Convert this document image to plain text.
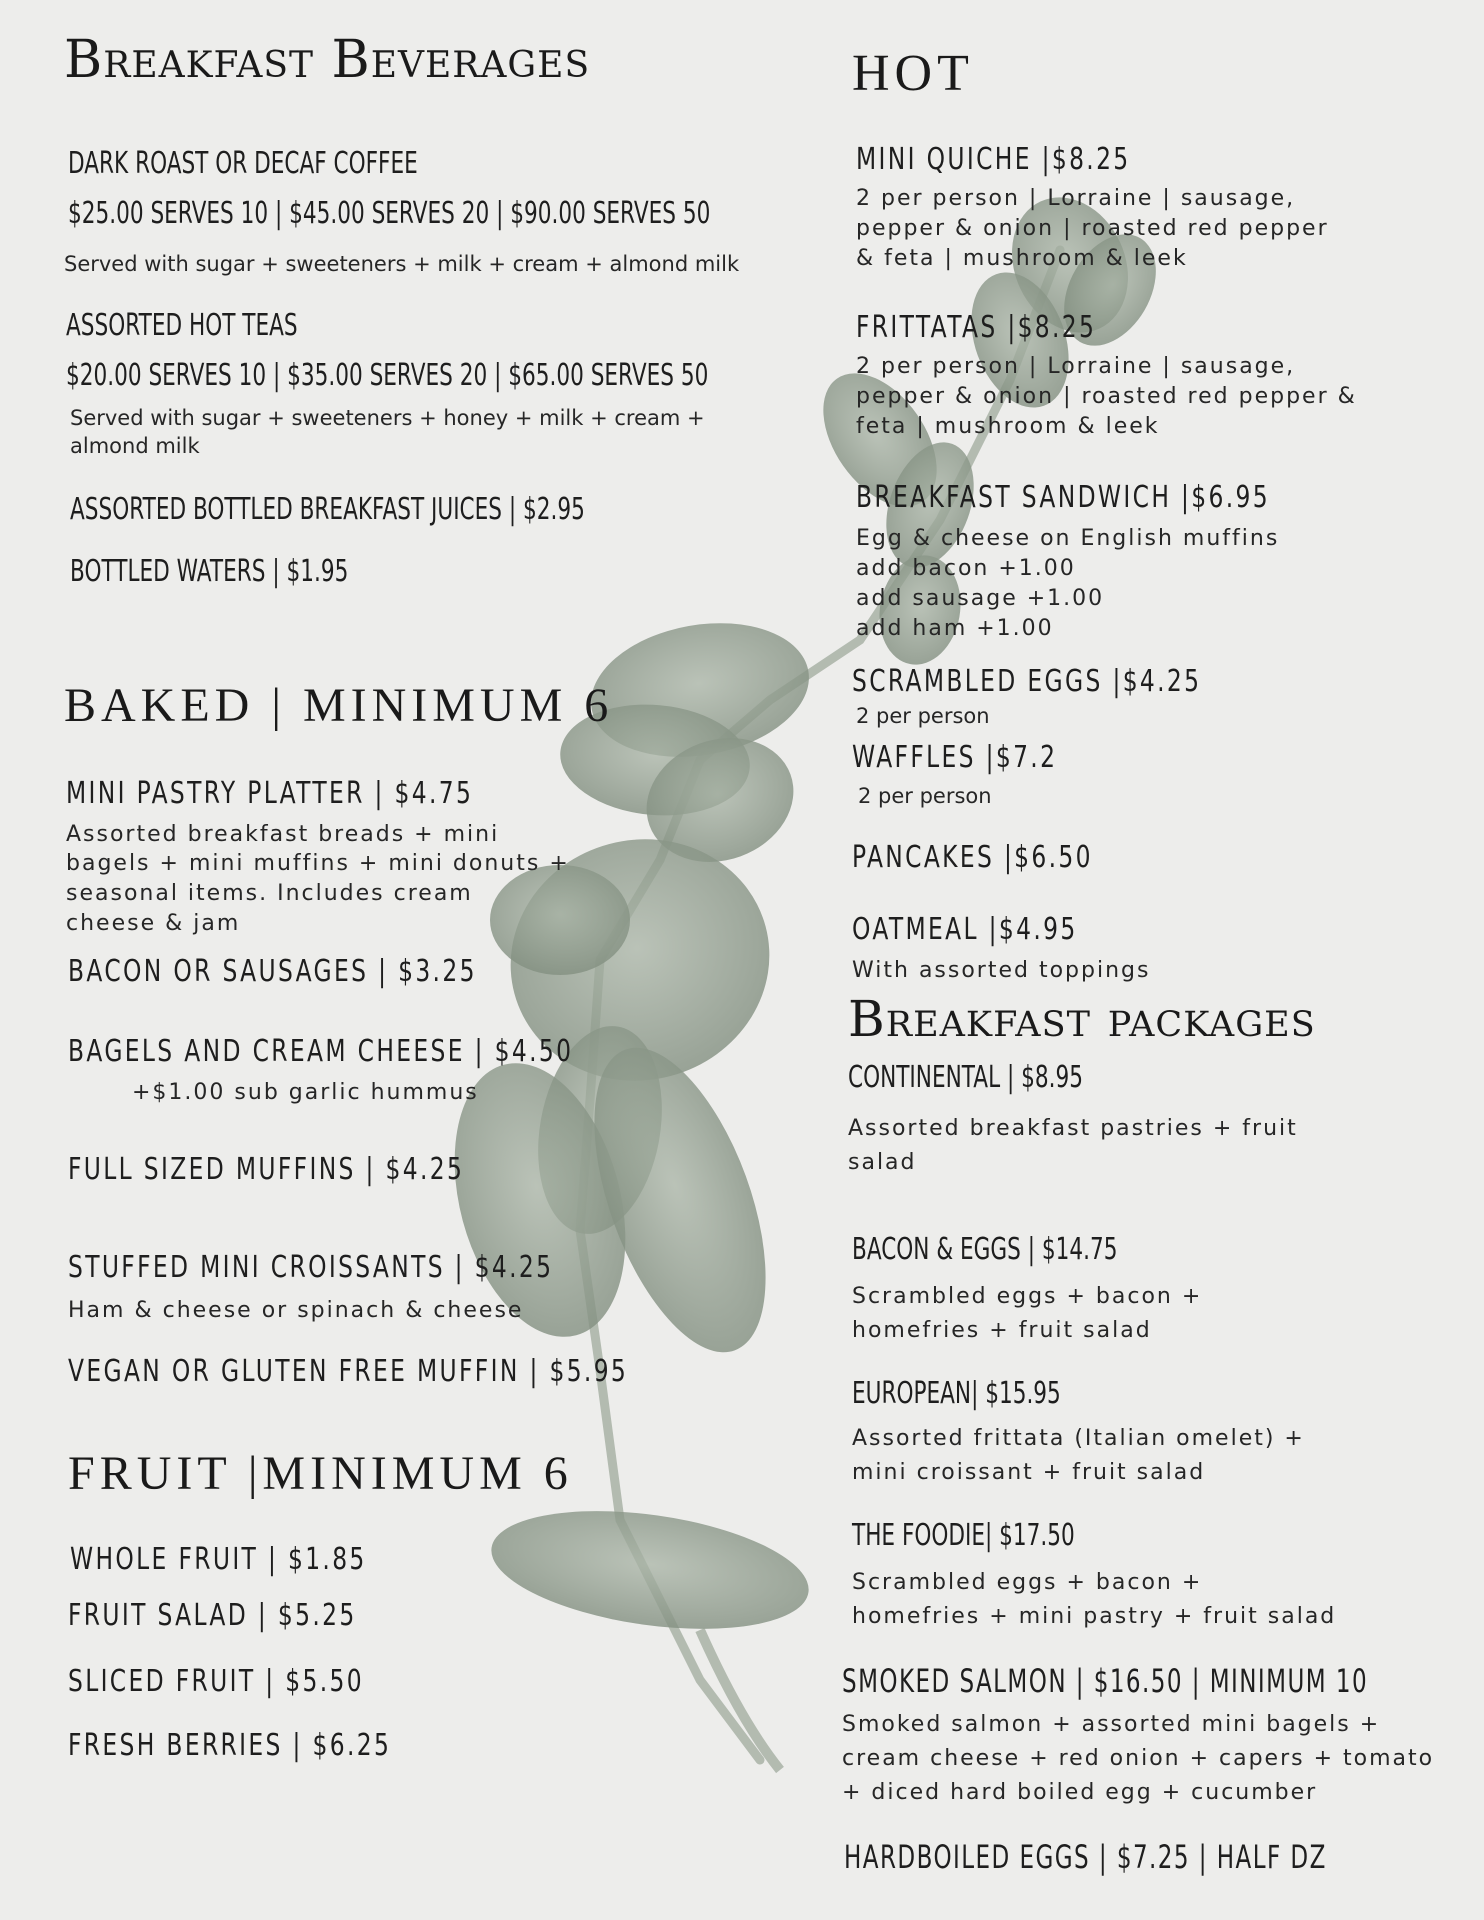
Breakfast Beverages
DARK ROAST OR DECAF COFFEE
$25.00 SERVES 10 | $45.00 SERVES 20 | $90.00 SERVES 50
Served with sugar + sweeteners + milk + cream + almond milk
ASSORTED HOT TEAS
$20.00 SERVES 10 | $35.00 SERVES 20 | $65.00 SERVES 50
Served with sugar + sweeteners + honey + milk + cream +
almond milk
ASSORTED BOTTLED BREAKFAST JUICES | $2.95
BOTTLED WATERS | $1.95
BAKED | MINIMUM 6
MINI PASTRY PLATTER | $4.75
Assorted breakfast breads + mini
bagels + mini muffins + mini donuts +
seasonal items. Includes cream
cheese & jam
BACON OR SAUSAGES | $3.25
BAGELS AND CREAM CHEESE | $4.50
+$1.00 sub garlic hummus
FULL SIZED MUFFINS | $4.25
STUFFED MINI CROISSANTS | $4.25
Ham & cheese or spinach & cheese
VEGAN OR GLUTEN FREE MUFFIN | $5.95
FRUIT |MINIMUM 6
WHOLE FRUIT | $1.85
FRUIT SALAD | $5.25
SLICED FRUIT | $5.50
FRESH BERRIES | $6.25
HOT
MINI QUICHE |$8.25
2 per person | Lorraine | sausage,
pepper & onion | roasted red pepper
& feta | mushroom & leek
FRITTATAS |$8.25
2 per person | Lorraine | sausage,
pepper & onion | roasted red pepper &
feta | mushroom & leek
BREAKFAST SANDWICH |$6.95
Egg & cheese on English muffins
add bacon +1.00
add sausage +1.00
add ham +1.00
SCRAMBLED EGGS |$4.25
2 per person
WAFFLES |$7.2
2 per person
PANCAKES |$6.50
OATMEAL |$4.95
With assorted toppings
Breakfast packages
CONTINENTAL | $8.95
Assorted breakfast pastries + fruit
salad
BACON & EGGS | $14.75
Scrambled eggs + bacon +
homefries + fruit salad
EUROPEAN| $15.95
Assorted frittata (Italian omelet) +
mini croissant + fruit salad
THE FOODIE| $17.50
Scrambled eggs + bacon +
homefries + mini pastry + fruit salad
SMOKED SALMON | $16.50 | MINIMUM 10
Smoked salmon + assorted mini bagels +
cream cheese + red onion + capers + tomato
+ diced hard boiled egg + cucumber
HARDBOILED EGGS | $7.25 | HALF DZ
